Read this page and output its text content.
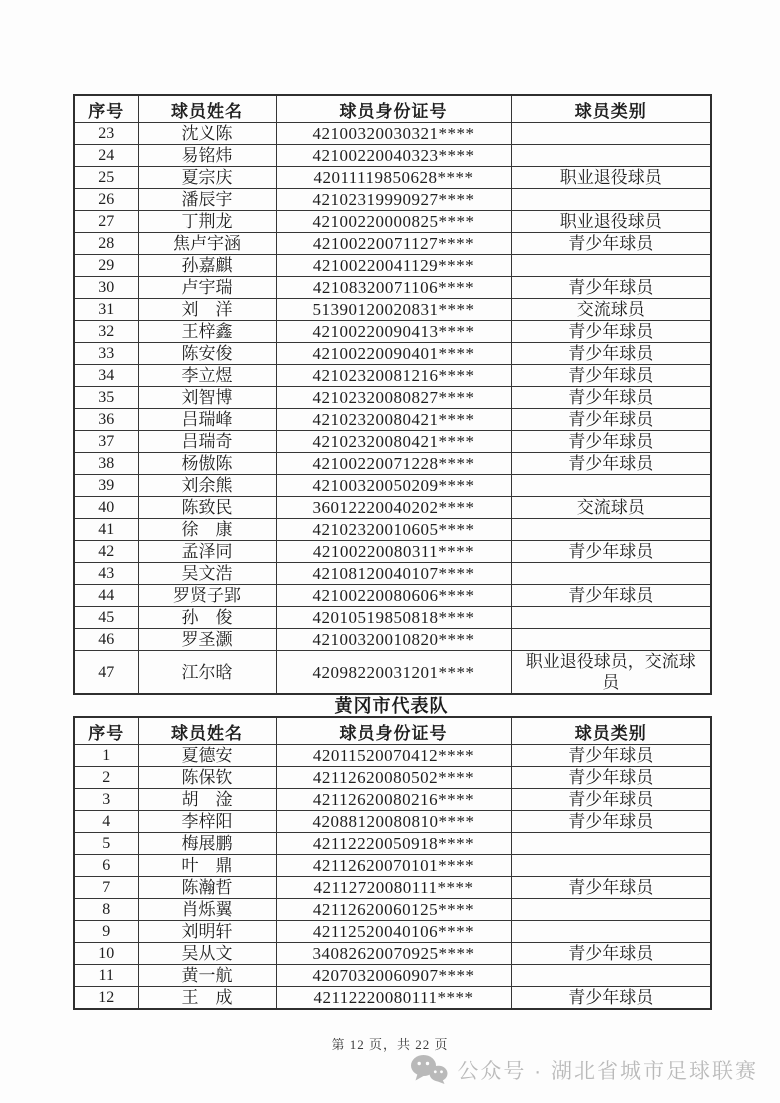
序号	球员姓名	球员身份证号	球员类别
23	沈义陈	42100320030321****	
24	易铭炜	42100220040323****	
25	夏宗庆	42011119850628****	职业退役球员
26	潘辰宇	42102319990927****	
27	丁荆龙	42100220000825****	职业退役球员
28	焦卢宇涵	42100220071127****	青少年球员
29	孙嘉麒	42100220041129****	
30	卢宇瑞	42108320071106****	青少年球员
31	刘　洋	51390120020831****	交流球员
32	王梓鑫	42100220090413****	青少年球员
33	陈安俊	42100220090401****	青少年球员
34	李立煜	42102320081216****	青少年球员
35	刘智博	42102320080827****	青少年球员
36	吕瑞峰	42102320080421****	青少年球员
37	吕瑞奇	42102320080421****	青少年球员
38	杨傲陈	42100220071228****	青少年球员
39	刘余熊	42100320050209****	
40	陈致民	36012220040202****	交流球员
41	徐　康	42102320010605****	
42	孟泽同	42100220080311****	青少年球员
43	吴文浩	42108120040107****	
44	罗贤子郢	42100220080606****	青少年球员
45	孙　俊	42010519850818****	
46	罗圣灏	42100320010820****	
47	江尔晗	42098220031201****	职业退役球员，交流球员
黄冈市代表队
序号	球员姓名	球员身份证号	球员类别
1	夏德安	42011520070412****	青少年球员
2	陈保钦	42112620080502****	青少年球员
3	胡　淦	42112620080216****	青少年球员
4	李梓阳	42088120080810****	青少年球员
5	梅展鹏	42112220050918****	
6	叶　鼎	42112620070101****	
7	陈瀚哲	42112720080111****	青少年球员
8	肖烁翼	42112620060125****	
9	刘明轩	42112520040106****	
10	吴从文	34082620070925****	青少年球员
11	黄一航	42070320060907****	
12	王　成	42112220080111****	青少年球员
第 12 页，共 22 页
公众号 · 湖北省城市足球联赛
